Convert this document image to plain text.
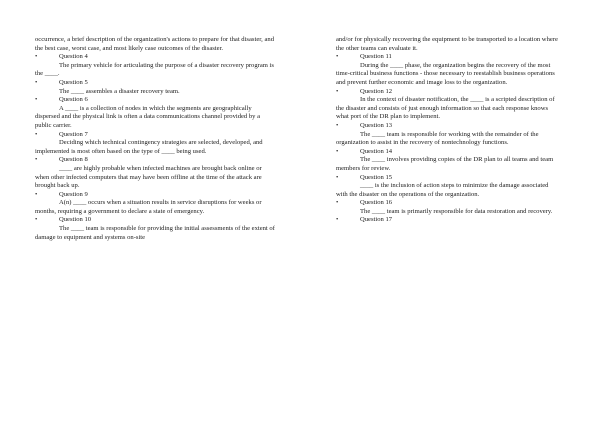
occurrence, a brief description of the organization's actions to prepare for that disaster, and the best case, worst case, and most likely case outcomes of the disaster.

•	Question 4

The primary vehicle for articulating the purpose of a disaster recovery program is the ____.

•	Question 5

The ____ assembles a disaster recovery team.

•	Question 6

A ____ is a collection of nodes in which the segments are geographically dispersed and the physical link is often a data communications channel provided by a public carrier.

•	Question 7

Deciding which technical contingency strategies are selected, developed, and implemented is most often based on the type of ____ being used.

•	Question 8

____ are highly probable when infected machines are brought back online or when other infected computers that may have been offline at the time of the attack are brought back up.

•	Question 9

A(n) ____ occurs when a situation results in service disruptions for weeks or months, requiring a government to declare a state of emergency.

•	Question 10

The ____ team is responsible for providing the initial assessments of the extent of damage to equipment and systems on-site

and/or for physically recovering the equipment to be transported to a location where the other teams can evaluate it.

•	Question 11

During the ____ phase, the organization begins the recovery of the most time-critical business functions - those necessary to reestablish business operations and prevent further economic and image loss to the organization.

•	Question 12

In the context of disaster notification, the ____ is a scripted description of the disaster and consists of just enough information so that each response knows what port of the DR plan to implement.

•	Question 13

The ____ team is responsible for working with the remainder of the organization to assist in the recovery of nontechnology functions.

•	Question 14

The ____ involves providing copies of the DR plan to all teams and team members for review.

•	Question 15

____ is the inclusion of action steps to minimize the damage associated with the disaster on the operations of the organization.

•	Question 16

The ____ team is primarily responsible for data restoration and recovery.

•	Question 17
